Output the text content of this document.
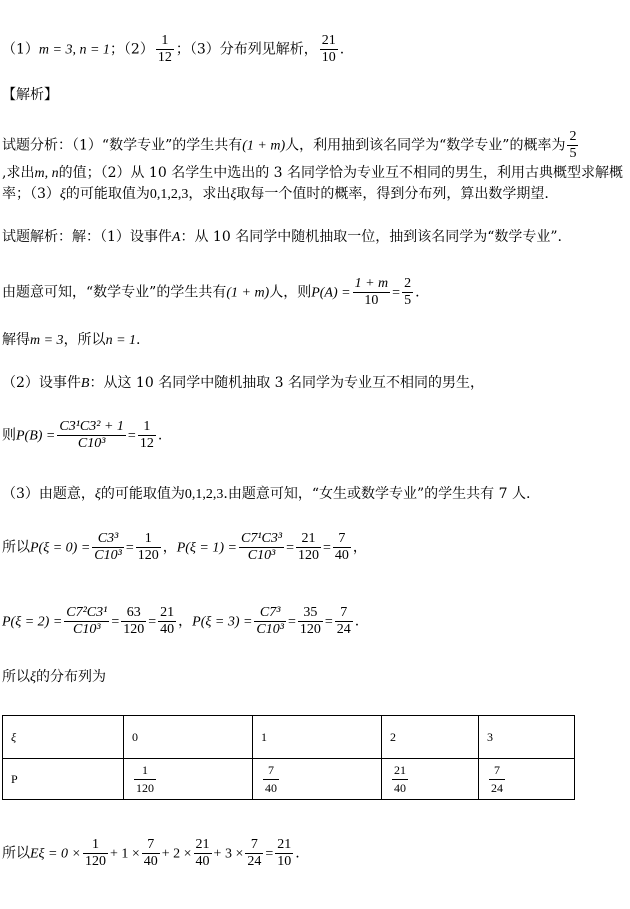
（1）m = 3, n = 1；$(2) \frac{1}{12}$ ；（3）分布列见解析， $\frac{21}{10}$ .
【解析】
试题分析：（1）“数学专业”的学生共有(1 + m)人，利用抽到该名同学为“数学专业”的概率为 $\frac{2}{5}$
,求出m, n的值；（2）从 10 名学生中选出的 3 名同学恰为专业互不相同的男生，利用古典概型求解概
率；（3）ξ的可能取值为0,1,2,3，求出ξ取每一个值时的概率，得到分布列，算出数学期望.
试题解析：解：（1）设事件A：从 10 名同学中随机抽取一位，抽到该名同学为“数学专业”.
由题意可知，“数学专业”的学生共有(1 + m)人，则$P(A) = \frac{1 + m}{10} = \frac{2}{5}$ .
解得m = 3，所以n = 1.
（2）设事件B：从这 10 名同学中随机抽取 3 名同学为专业互不相同的男生，
则$P(B) = \frac{\text{C3¹C3² + 1}}{\text{C10³}} = \frac{1}{12}$ .
（3）由题意，ξ的可能取值为0,1,2,3.由题意可知，“女生或数学专业”的学生共有 7 人.
所以$P(\xi = 0) = \frac{\text{C3³}}{\text{C10³}} = \frac{1}{120}$ ，$P(\xi = 1) = \frac{\text{C7¹C3³}}{\text{C10³}} = \frac{21}{120} = \frac{7}{40}$ ，
$P(\xi = 2) = \frac{\text{C7²C3¹}}{\text{C10³}} = \frac{63}{120} = \frac{21}{40}$ ，$P(\xi = 3) = \frac{\text{C7³}}{\text{C10³}} = \frac{35}{120} = \frac{7}{24}$ .
所以ξ的分布列为
ξ	0	1	2	3
P	$\frac{1}{120}$	$\frac{7}{40}$	$\frac{21}{40}$	$\frac{7}{24}$
所以$E\xi = 0 \times \frac{1}{120} + 1 \times \frac{7}{40} + 2 \times \frac{21}{40} + 3 \times \frac{7}{24} = \frac{21}{10}$ .
